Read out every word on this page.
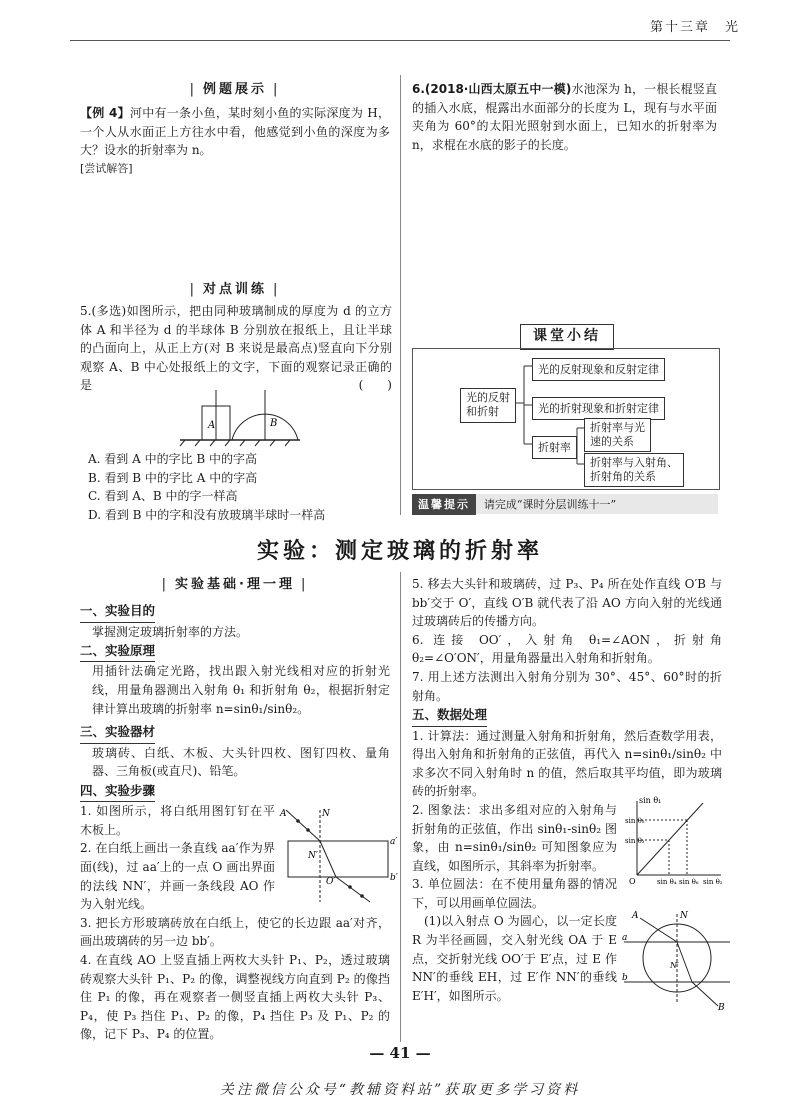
第十三章　光
| 例题展示 |
【例 4】河中有一条小鱼，某时刻小鱼的实际深度为 H，一个人从水面正上方往水中看，他感觉到小鱼的深度为多大？设水的折射率为 n。
[尝试解答]
| 对点训练 |
5.(多选)如图所示，把由同种玻璃制成的厚度为 d 的立方体 A 和半径为 d 的半球体 B 分别放在报纸上，且让半球的凸面向上，从正上方(对 B 来说是最高点)竖直向下分别观察 A、B 中心处报纸上的文字，下面的观察记录正确的是	(　　)
A	B
A. 看到 A 中的字比 B 中的字高
B. 看到 B 中的字比 A 中的字高
C. 看到 A、B 中的字一样高
D. 看到 B 中的字和没有放玻璃半球时一样高
6.(2018·山西太原五中一模)水池深为 h，一根长棍竖直的插入水底，棍露出水面部分的长度为 L，现有与水平面夹角为 60°的太阳光照射到水面上，已知水的折射率为 n，求棍在水底的影子的长度。
课堂小结
光的反射
和折射
光的反射现象和反射定律
光的折射现象和折射定律
折射率
折射率与光
速的关系
折射率与入射角、
折射角的关系
温馨提示 请完成“课时分层训练十一”
实验：测定玻璃的折射率
| 实验基础·理一理 |
一、实验目的
掌握测定玻璃折射率的方法。
二、实验原理
用插针法确定光路，找出跟入射光线相对应的折射光线，用量角器测出入射角 θ₁ 和折射角 θ₂，根据折射定律计算出玻璃的折射率 n=sinθ₁/sinθ₂。
三、实验器材
玻璃砖、白纸、木板、大头针四枚、图钉四枚、量角器、三角板(或直尺)、铅笔。
四、实验步骤
1. 如图所示，将白纸用图钉钉在平木板上。
2. 在白纸上画出一条直线 aa′作为界面(线)，过 aa′上的一点 O 画出界面的法线 NN′，并画一条线段 AO 作为入射光线。
3. 把长方形玻璃砖放在白纸上，使它的长边跟 aa′对齐，画出玻璃砖的另一边 bb′。
4. 在直线 AO 上竖直插上两枚大头针 P₁、P₂，透过玻璃砖观察大头针 P₁、P₂ 的像，调整视线方向直到 P₂ 的像挡住 P₁ 的像，再在观察者一侧竖直插上两枚大头针 P₃、P₄，使 P₃ 挡住 P₁、P₂ 的像，P₄ 挡住 P₃ 及 P₁、P₂ 的像，记下 P₃、P₄ 的位置。
A	N
a′
b′
N′
O′
5. 移去大头针和玻璃砖，过 P₃、P₄ 所在处作直线 O′B 与 bb′交于 O′，直线 O′B 就代表了沿 AO 方向入射的光线通过玻璃砖后的传播方向。
6. 连接 OO′，入射角 θ₁=∠AON，折射角 θ₂=∠O′ON′，用量角器量出入射角和折射角。
7. 用上述方法测出入射角分别为 30°、45°、60°时的折射角。
五、数据处理
1. 计算法：通过测量入射角和折射角，然后查数学用表，得出入射角和折射角的正弦值，再代入 n=sinθ₁/sinθ₂ 中求多次不同入射角时 n 的值，然后取其平均值，即为玻璃砖的折射率。
2. 图象法：求出多组对应的入射角与折射角的正弦值，作出 sinθ₁-sinθ₂ 图象，由 n=sinθ₁/sinθ₂ 可知图象应为直线，如图所示，其斜率为折射率。
3. 单位圆法：在不使用量角器的情况下，可以用画单位圆法。
(1)以入射点 O 为圆心，以一定长度 R 为半径画圆，交入射光线 OA 于 E 点，交折射光线 OO′于 E′点，过 E 作 NN′的垂线 EH，过 E′作 NN′的垂线 E′H′，如图所示。
sin θ₁
sin θ₅
sin θ₃
O	sin θ₄ sin θ₆ sin θ₂
A	N
a
b
N′
B
— 41 —
关注微信公众号“教辅资料站”获取更多学习资料
